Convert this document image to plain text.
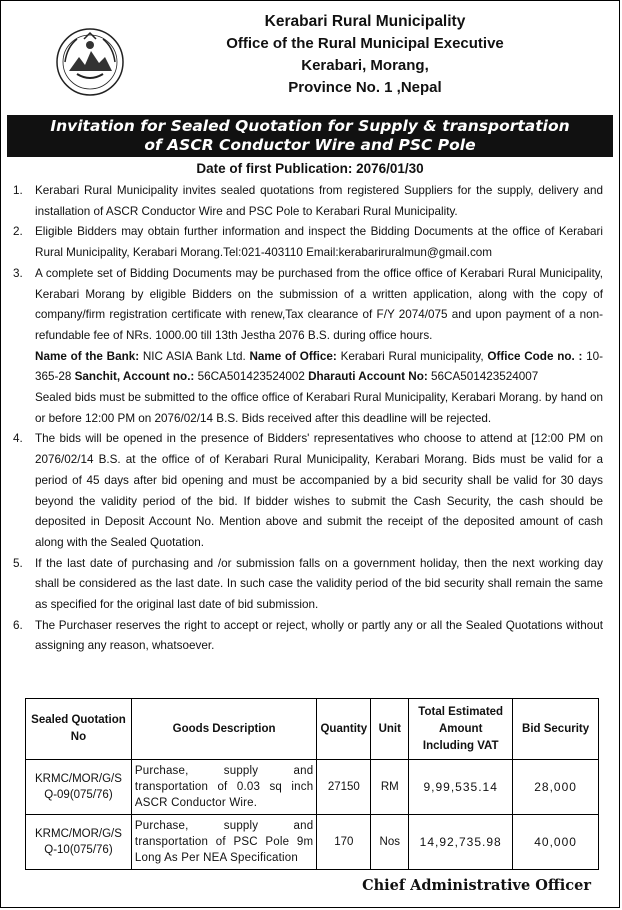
Kerabari Rural Municipality
Office of the Rural Municipal Executive
Kerabari, Morang,
Province No. 1 ,Nepal
Invitation for Sealed Quotation for Supply & transportation
of ASCR Conductor Wire and PSC Pole
Date of first Publication: 2076/01/30
1. Kerabari Rural Municipality invites sealed quotations from registered Suppliers for the supply, delivery and installation of ASCR Conductor Wire and PSC Pole to Kerabari Rural Municipality.
2. Eligible Bidders may obtain further information and inspect the Bidding Documents at the office of Kerabari Rural Municipality, Kerabari Morang.Tel:021-403110 Email:kerabariruralmun@gmail.com
3. A complete set of Bidding Documents may be purchased from the office office of Kerabari Rural Municipality, Kerabari Morang by eligible Bidders on the submission of a written application, along with the copy of company/firm registration certificate with renew,Tax clearance of F/Y 2074/075 and upon payment of a non-refundable fee of NRs. 1000.00 till 13th Jestha 2076 B.S. during office hours.
Name of the Bank: NIC ASIA Bank Ltd. Name of Office: Kerabari Rural municipality, Office Code no. : 10-365-28 Sanchit, Account no.: 56CA501423524002 Dharauti Account No: 56CA501423524007
Sealed bids must be submitted to the office office of Kerabari Rural Municipality, Kerabari Morang. by hand on or before 12:00 PM on 2076/02/14 B.S. Bids received after this deadline will be rejected.
4. The bids will be opened in the presence of Bidders' representatives who choose to attend at [12:00 PM on 2076/02/14 B.S. at the office of of Kerabari Rural Municipality, Kerabari Morang. Bids must be valid for a period of 45 days after bid opening and must be accompanied by a bid security shall be valid for 30 days beyond the validity period of the bid. If bidder wishes to submit the Cash Security, the cash should be deposited in Deposit Account No. Mention above and submit the receipt of the deposited amount of cash along with the Sealed Quotation.
5. If the last date of purchasing and /or submission falls on a government holiday, then the next working day shall be considered as the last date. In such case the validity period of the bid security shall remain the same as specified for the original last date of bid submission.
6. The Purchaser reserves the right to accept or reject, wholly or partly any or all the Sealed Quotations without assigning any reason, whatsoever.
Sealed Quotation No	Goods Description	Quantity	Unit	Total Estimated Amount Including VAT	Bid Security
KRMC/MOR/G/S Q-09(075/76)	Purchase, supply and transportation of 0.03 sq inch ASCR Conductor Wire.	27150	RM	9,99,535.14	28,000
KRMC/MOR/G/S Q-10(075/76)	Purchase, supply and transportation of PSC Pole 9m Long As Per NEA Specification	170	Nos	14,92,735.98	40,000
Chief Administrative Officer
